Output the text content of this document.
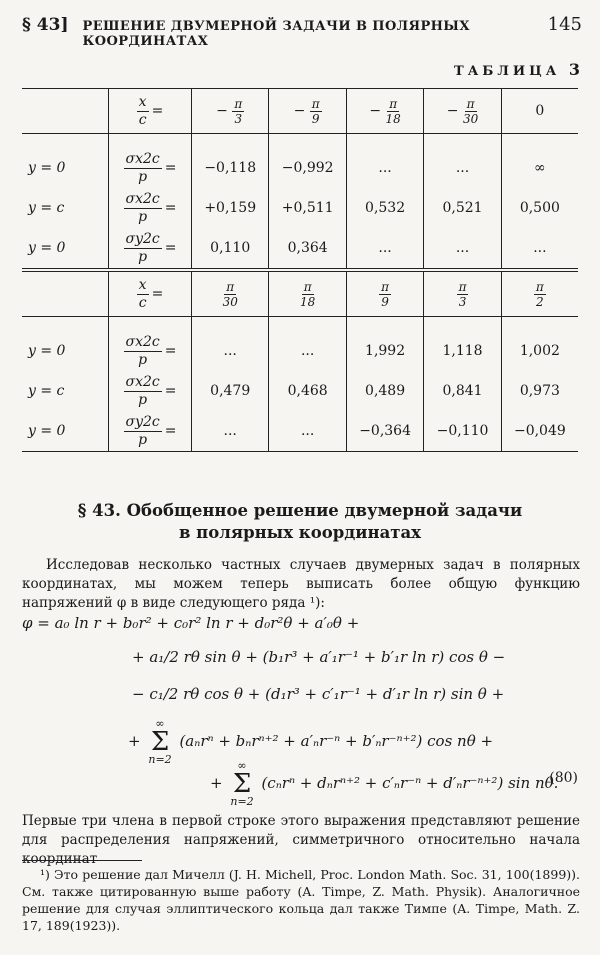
§ 43] РЕШЕНИЕ ДВУМЕРНОЙ ЗАДАЧИ В ПОЛЯРНЫХ КООРДИНАТАХ
145
ТАБЛИЦА 3

	$\frac{x}{c}$ =	− $\frac{\pi}{3}$	− $\frac{\pi}{9}$	− $\frac{\pi}{18}$	− $\frac{\pi}{30}$	0

y = 0	$\frac{\sigma x2c}{p}$ =	−0,118	−0,992	...	...	∞
y = c	$\frac{\sigma x2c}{p}$ =	+0,159	+0,511	0,532	0,521	0,500
y = 0	$\frac{\sigma y2c}{p}$ =	0,110	0,364	...	...	...

	$\frac{x}{c}$ =	$\frac{\pi}{30}$	$\frac{\pi}{18}$	$\frac{\pi}{9}$	$\frac{\pi}{3}$	$\frac{\pi}{2}$

y = 0	$\frac{\sigma x2c}{p}$ =	...	...	1,992	1,118	1,002
y = c	$\frac{\sigma x2c}{p}$ =	0,479	0,468	0,489	0,841	0,973
y = 0	$\frac{\sigma y2c}{p}$ =	...	...	−0,364	−0,110	−0,049
§ 43. Обобщенное решение двумерной задачи
в полярных координатах
Исследовав несколько частных случаев двумерных задач в полярных координатах, мы можем теперь выписать более общую функцию напряжений φ в виде следующего ряда ¹):
φ = a₀ ln r + b₀r² + c₀r² ln r + d₀r²θ + a′₀θ +
+ a₁/2 rθ sin θ + (b₁r³ + a′₁r⁻¹ + b′₁r ln r) cos θ −
− c₁/2 rθ cos θ + (d₁r³ + c′₁r⁻¹ + d′₁r ln r) sin θ +
+
∞
Σ
n=2
(aₙrⁿ + bₙrⁿ⁺² + a′ₙr⁻ⁿ + b′ₙr⁻ⁿ⁺²) cos nθ +
+
∞
Σ
n=2
(cₙrⁿ + dₙrⁿ⁺² + c′ₙr⁻ⁿ + d′ₙr⁻ⁿ⁺²) sin nθ.
(80)
Первые три члена в первой строке этого выражения представляют решение для распределения напряжений, симметричного относительно начала координат
¹) Это решение дал Мичелл (J. H. Michell, Proc. London Math. Soc. 31, 100(1899)). См. также цитированную выше работу (A. Timpe, Z. Math. Physik). Аналогичное решение для случая эллиптического кольца дал также Тимпе (A. Timpe, Math. Z. 17, 189(1923)).
